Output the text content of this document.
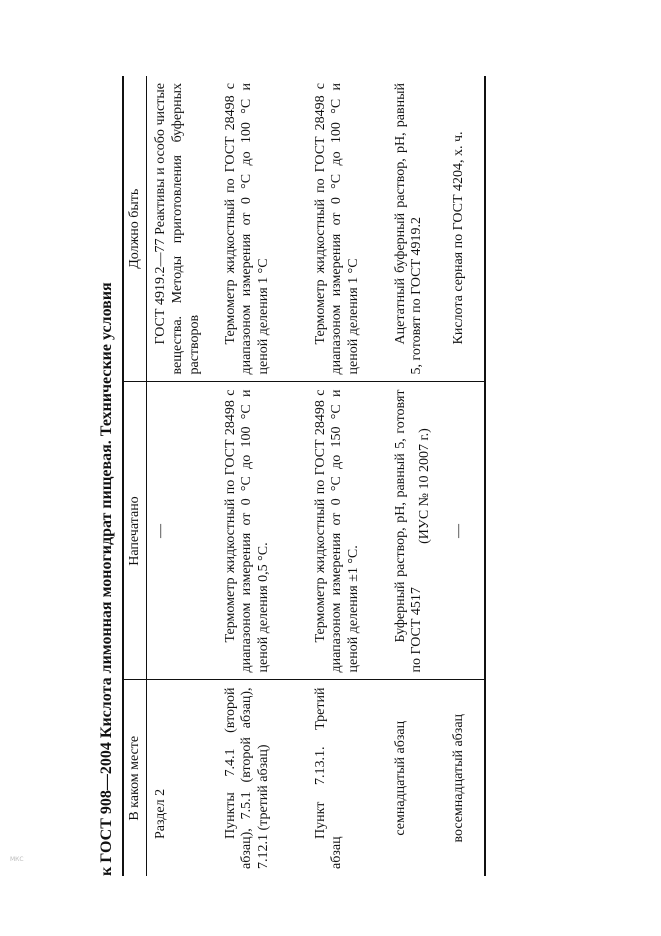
к ГОСТ 908—2004 Кислота лимонная моногидрат пищевая. Технические условия В каком месте	Напечатано	Должно быть
Раздел 2	—	ГОСТ 4919.2—77 Реактивы и особо чистые вещества. Методы приготовления буферных растворов
Пункты 7.4.1 (второй абзац), 7.5.1 (второй абзац), 7.12.1 (третий абзац)	Термометр жидкостный по ГОСТ 28498 с диапазоном измерения от 0 °С до 100 °С и ценой деления 0,5 °С.	Термометр жидкостный по ГОСТ 28498 с диапазоном измерения от 0 °С до 100 °С и ценой деления 1 °С
Пункт 7.13.1. Третий абзац	Термометр жидкостный по ГОСТ 28498 с диапазоном измерения от 0 °С до 150 °С и ценой деления ±1 °С.	Термометр жидкостный по ГОСТ 28498 с диапазоном измерения от 0 °С до 100 °С и ценой деления 1 °С
семнадцатый абзац	Буферный раствор, pH, равный 5, готовят по ГОСТ 4517	Ацетатный буферный раствор, pH, равный 5, готовят по ГОСТ 4919.2
восемнадцатый абзац	—	Кислота серная по ГОСТ 4204, х. ч.
(ИУС № 10 2007 г.)
МКС
